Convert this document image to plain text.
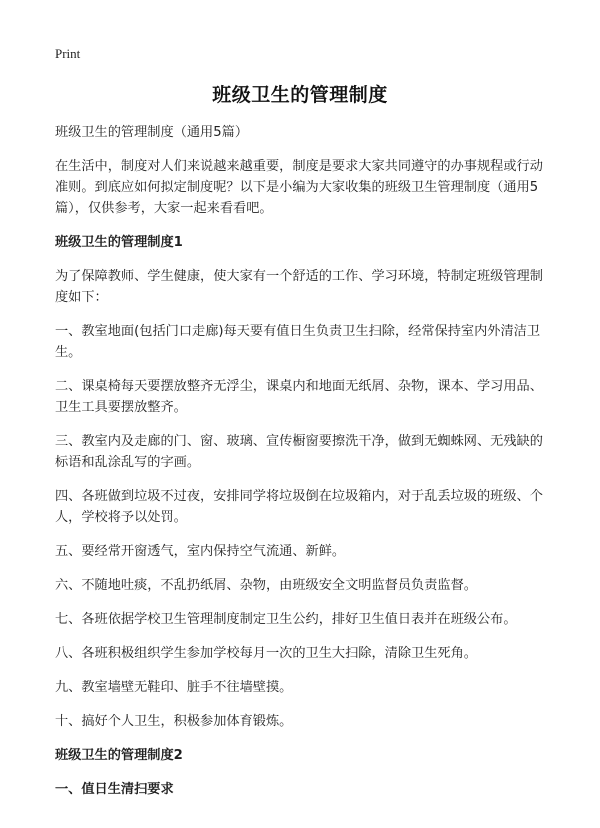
Print
班级卫生的管理制度
班级卫生的管理制度（通用5篇）
在生活中，制度对人们来说越来越重要，制度是要求大家共同遵守的办事规程或行动准则。到底应如何拟定制度呢？以下是小编为大家收集的班级卫生管理制度（通用5篇），仅供参考，大家一起来看看吧。
班级卫生的管理制度1
为了保障教师、学生健康，使大家有一个舒适的工作、学习环境，特制定班级管理制度如下：
一、教室地面(包括门口走廊)每天要有值日生负责卫生扫除，经常保持室内外清洁卫生。
二、课桌椅每天要摆放整齐无浮尘，课桌内和地面无纸屑、杂物，课本、学习用品、卫生工具要摆放整齐。
三、教室内及走廊的门、窗、玻璃、宣传橱窗要擦洗干净，做到无蜘蛛网、无残缺的标语和乱涂乱写的字画。
四、各班做到垃圾不过夜，安排同学将垃圾倒在垃圾箱内，对于乱丢垃圾的班级、个人，学校将予以处罚。
五、要经常开窗透气，室内保持空气流通、新鲜。
六、不随地吐痰，不乱扔纸屑、杂物，由班级安全文明监督员负责监督。
七、各班依据学校卫生管理制度制定卫生公约，排好卫生值日表并在班级公布。
八、各班积极组织学生参加学校每月一次的卫生大扫除，清除卫生死角。
九、教室墙壁无鞋印、脏手不往墙壁摸。
十、搞好个人卫生，积极参加体育锻炼。
班级卫生的管理制度2
一、值日生清扫要求
